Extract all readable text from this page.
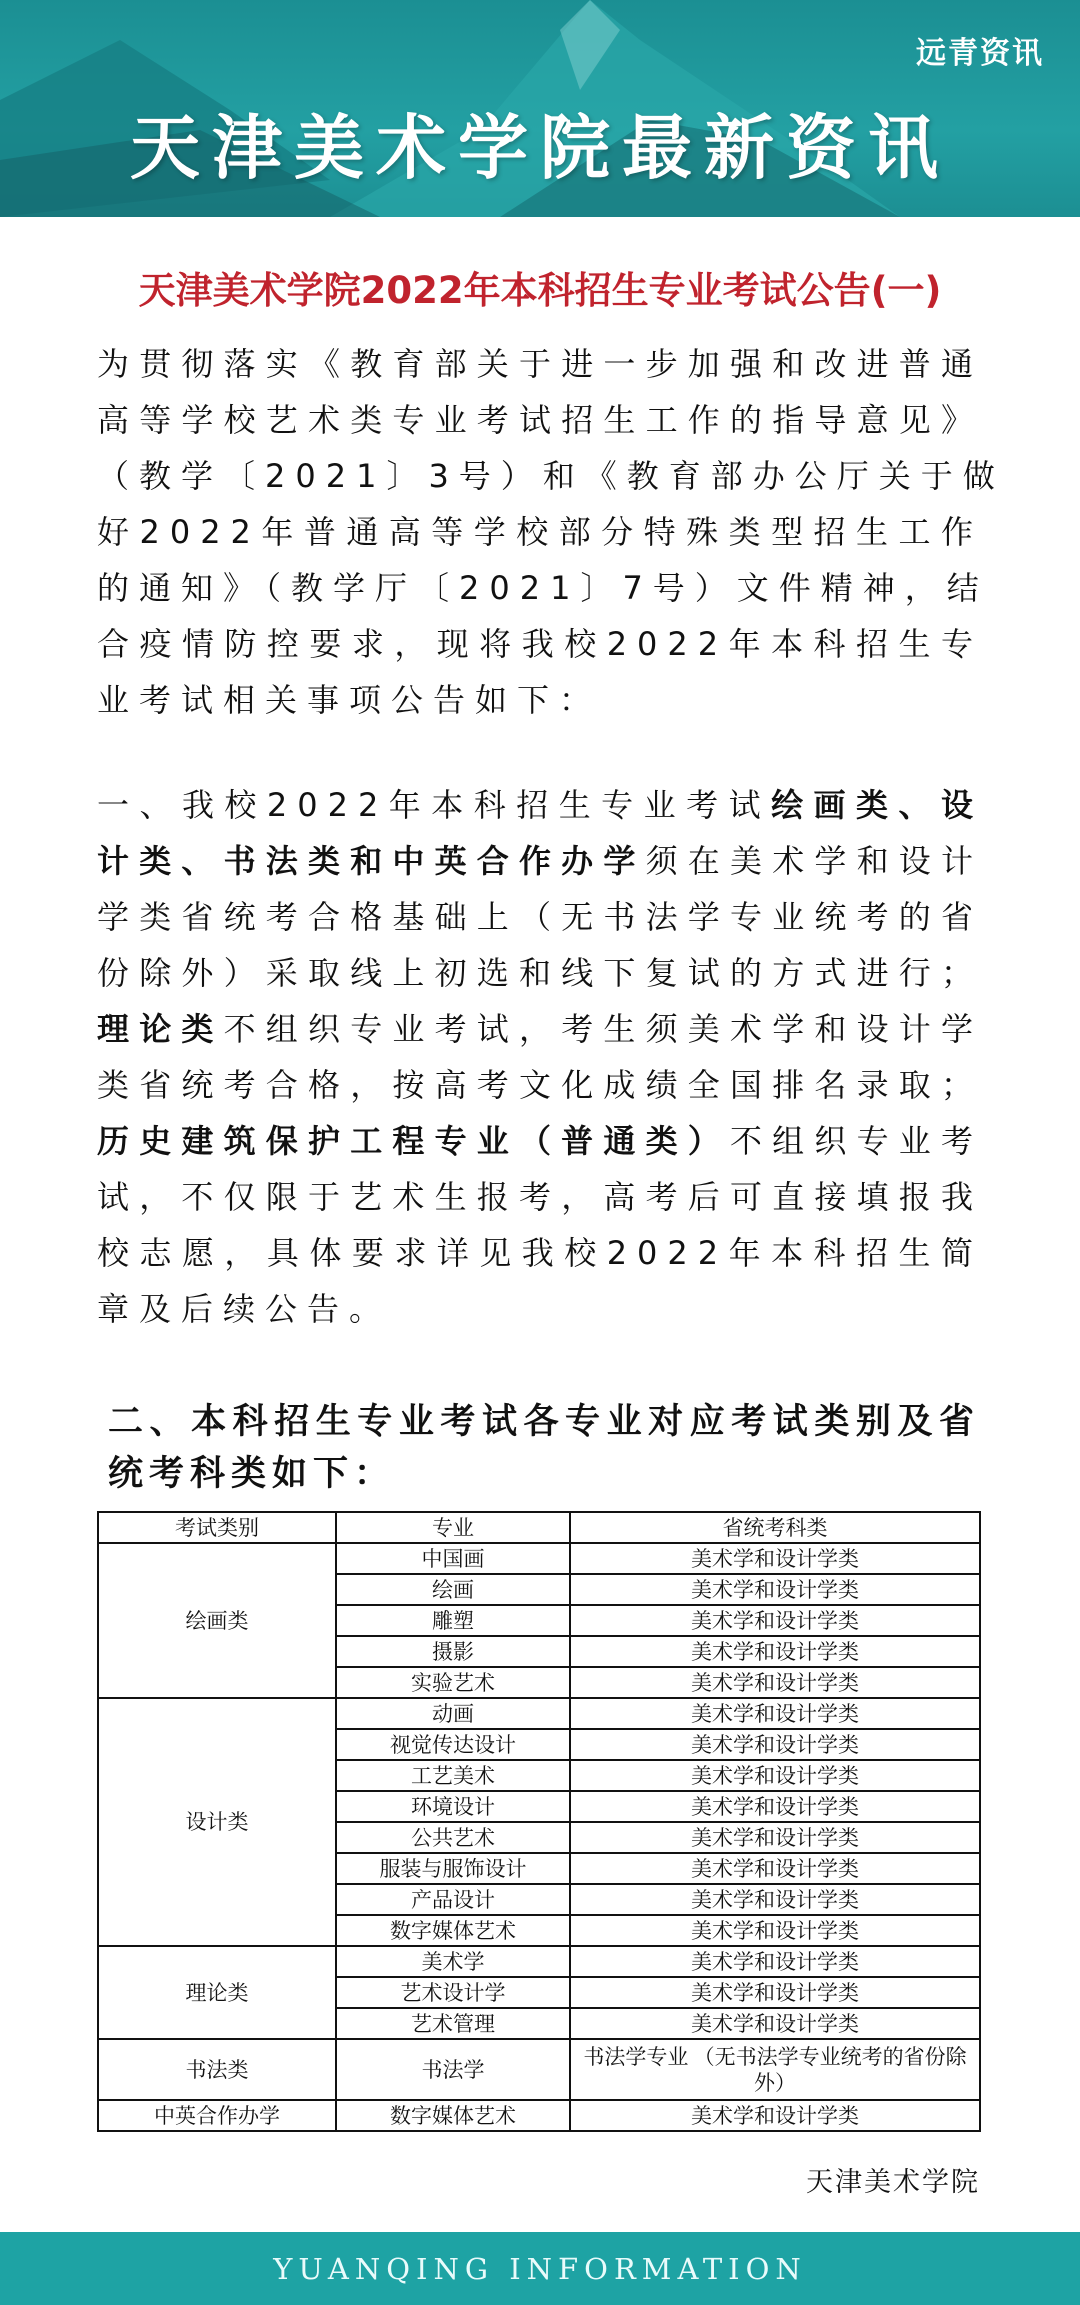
远青资讯
天津美术学院最新资讯
天津美术学院2022年本科招生专业考试公告(一)
为贯彻落实《教育部关于进一步加强和改进普通
高等学校艺术类专业考试招生工作的指导意见》
（教学〔2021〕3号）和《教育部办公厅关于做
好2022年普通高等学校部分特殊类型招生工作
的通知》（教学厅〔2021〕7号）文件精神，结
合疫情防控要求，现将我校2022年本科招生专
业考试相关事项公告如下：
一、我校2022年本科招生专业考试绘画类、设
计类、书法类和中英合作办学须在美术学和设计
学类省统考合格基础上（无书法学专业统考的省
份除外）采取线上初选和线下复试的方式进行；
理论类不组织专业考试，考生须美术学和设计学
类省统考合格，按高考文化成绩全国排名录取；
历史建筑保护工程专业（普通类）不组织专业考
试，不仅限于艺术生报考，高考后可直接填报我
校志愿，具体要求详见我校2022年本科招生简
章及后续公告。
二、本科招生专业考试各专业对应考试类别及省
统考科类如下：
考试类别	专业	省统考科类
绘画类	中国画	美术学和设计学类
	绘画	美术学和设计学类
	雕塑	美术学和设计学类
	摄影	美术学和设计学类
	实验艺术	美术学和设计学类
设计类	动画	美术学和设计学类
	视觉传达设计	美术学和设计学类
	工艺美术	美术学和设计学类
	环境设计	美术学和设计学类
	公共艺术	美术学和设计学类
	服装与服饰设计	美术学和设计学类
	产品设计	美术学和设计学类
	数字媒体艺术	美术学和设计学类
理论类	美术学	美术学和设计学类
	艺术设计学	美术学和设计学类
	艺术管理	美术学和设计学类
书法类	书法学	书法学专业 （无书法学专业统考的省份除外）
中英合作办学	数字媒体艺术	美术学和设计学类
天津美术学院
YUANQING INFORMATION
